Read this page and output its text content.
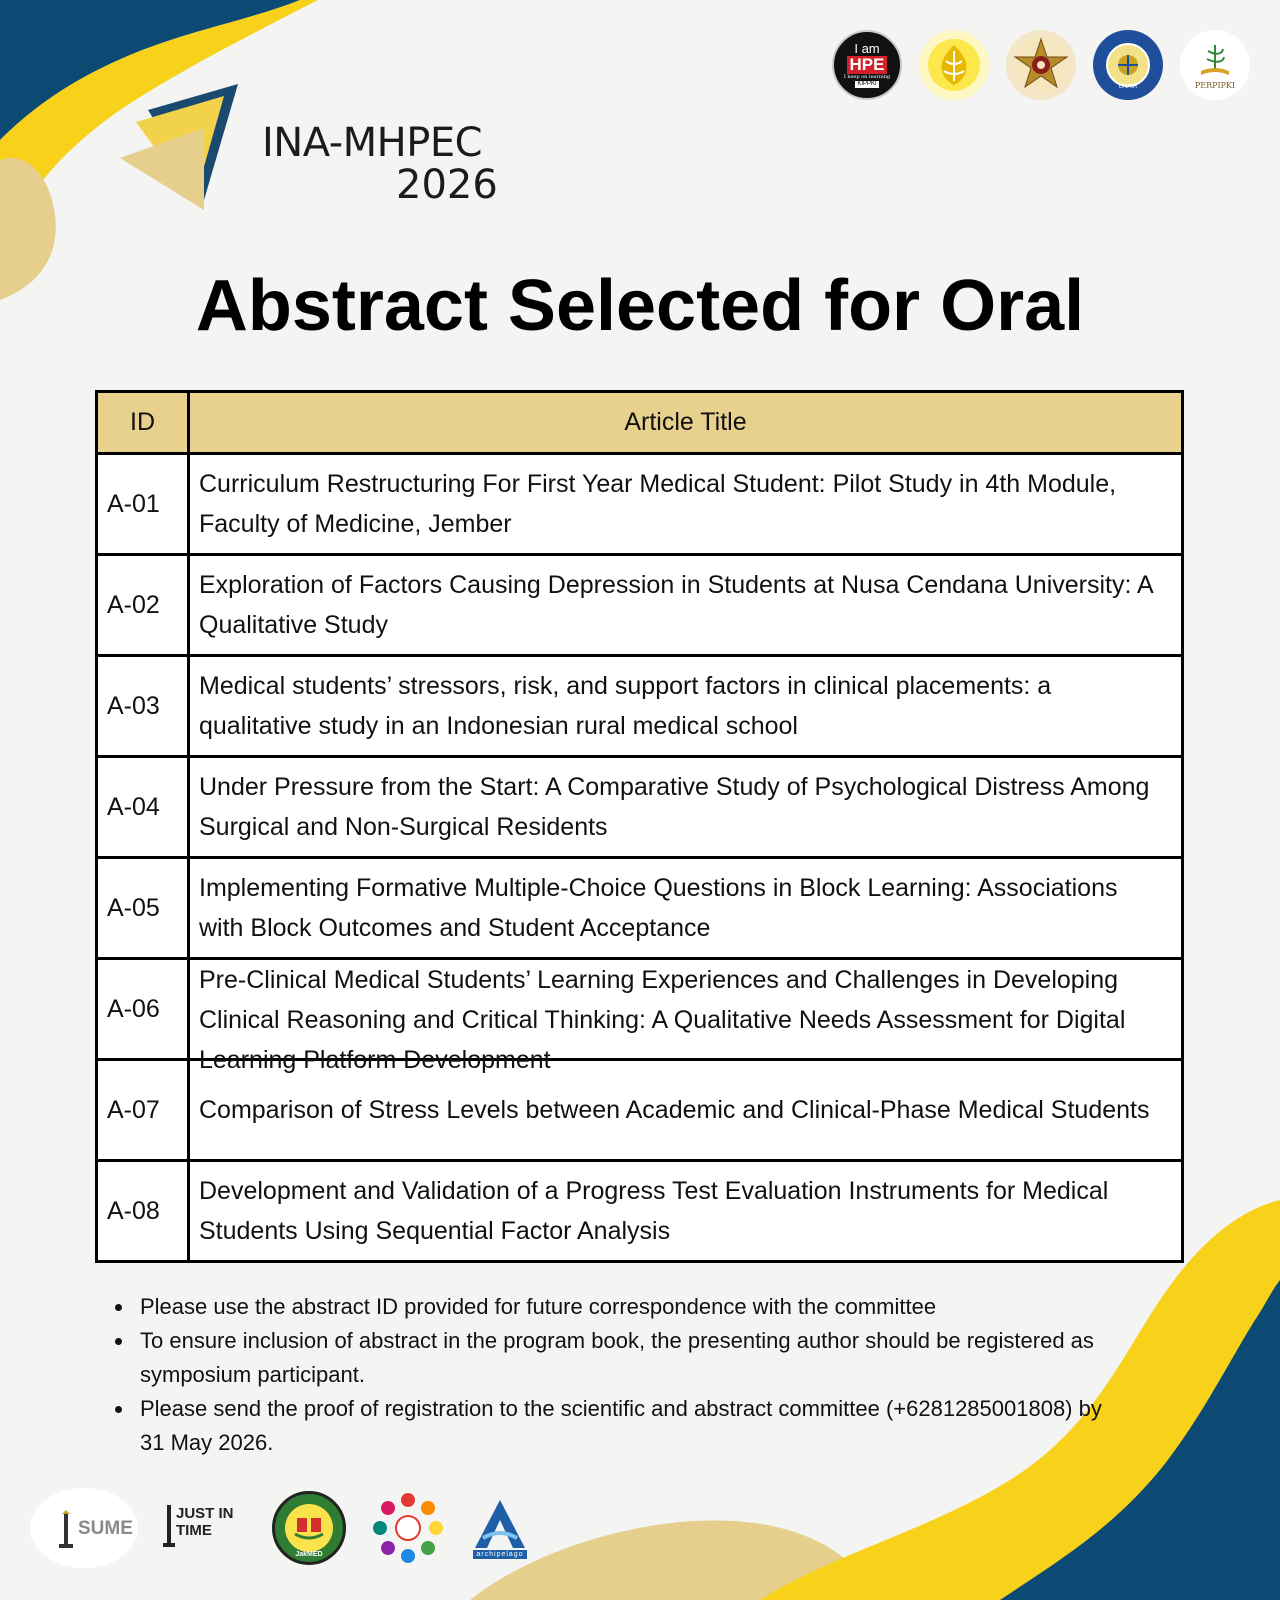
I am
HPE
I keep on learning
KIPPKI	UNAIR	PERPIPKI
INA-MHPEC
2026
Abstract Selected for Oral
ID	Article Title
A-01	Curriculum Restructuring For First Year Medical Student: Pilot Study in 4th Module, Faculty of Medicine, Jember

A-02	Exploration of Factors Causing Depression in Students at Nusa Cendana University: A Qualitative Study

A-03	Medical students’ stressors, risk, and support factors in clinical placements: a qualitative study in an Indonesian rural medical school

A-04	Under Pressure from the Start: A Comparative Study of Psychological Distress Among Surgical and Non-Surgical Residents

A-05	Implementing Formative Multiple-Choice Questions in Block Learning: Associations with Block Outcomes and Student Acceptance

A-06	Pre-Clinical Medical Students’ Learning Experiences and Challenges in Developing Clinical Reasoning and Critical Thinking: A Qualitative Needs Assessment for Digital Learning Platform Development

A-07	Comparison of Stress Levels between Academic and Clinical-Phase Medical Students

A-08	Development and Validation of a Progress Test Evaluation Instruments for Medical Students Using Sequential Factor Analysis
Please use the abstract ID provided for future correspondence with the committee
To ensure inclusion of abstract in the program book, the presenting author should be registered as symposium participant.
Please send the proof of registration to the scientific and abstract committee (+6281285001808) by 31 May 2026.
SUME
JUST IN
TIME
JakMED	archipelago
